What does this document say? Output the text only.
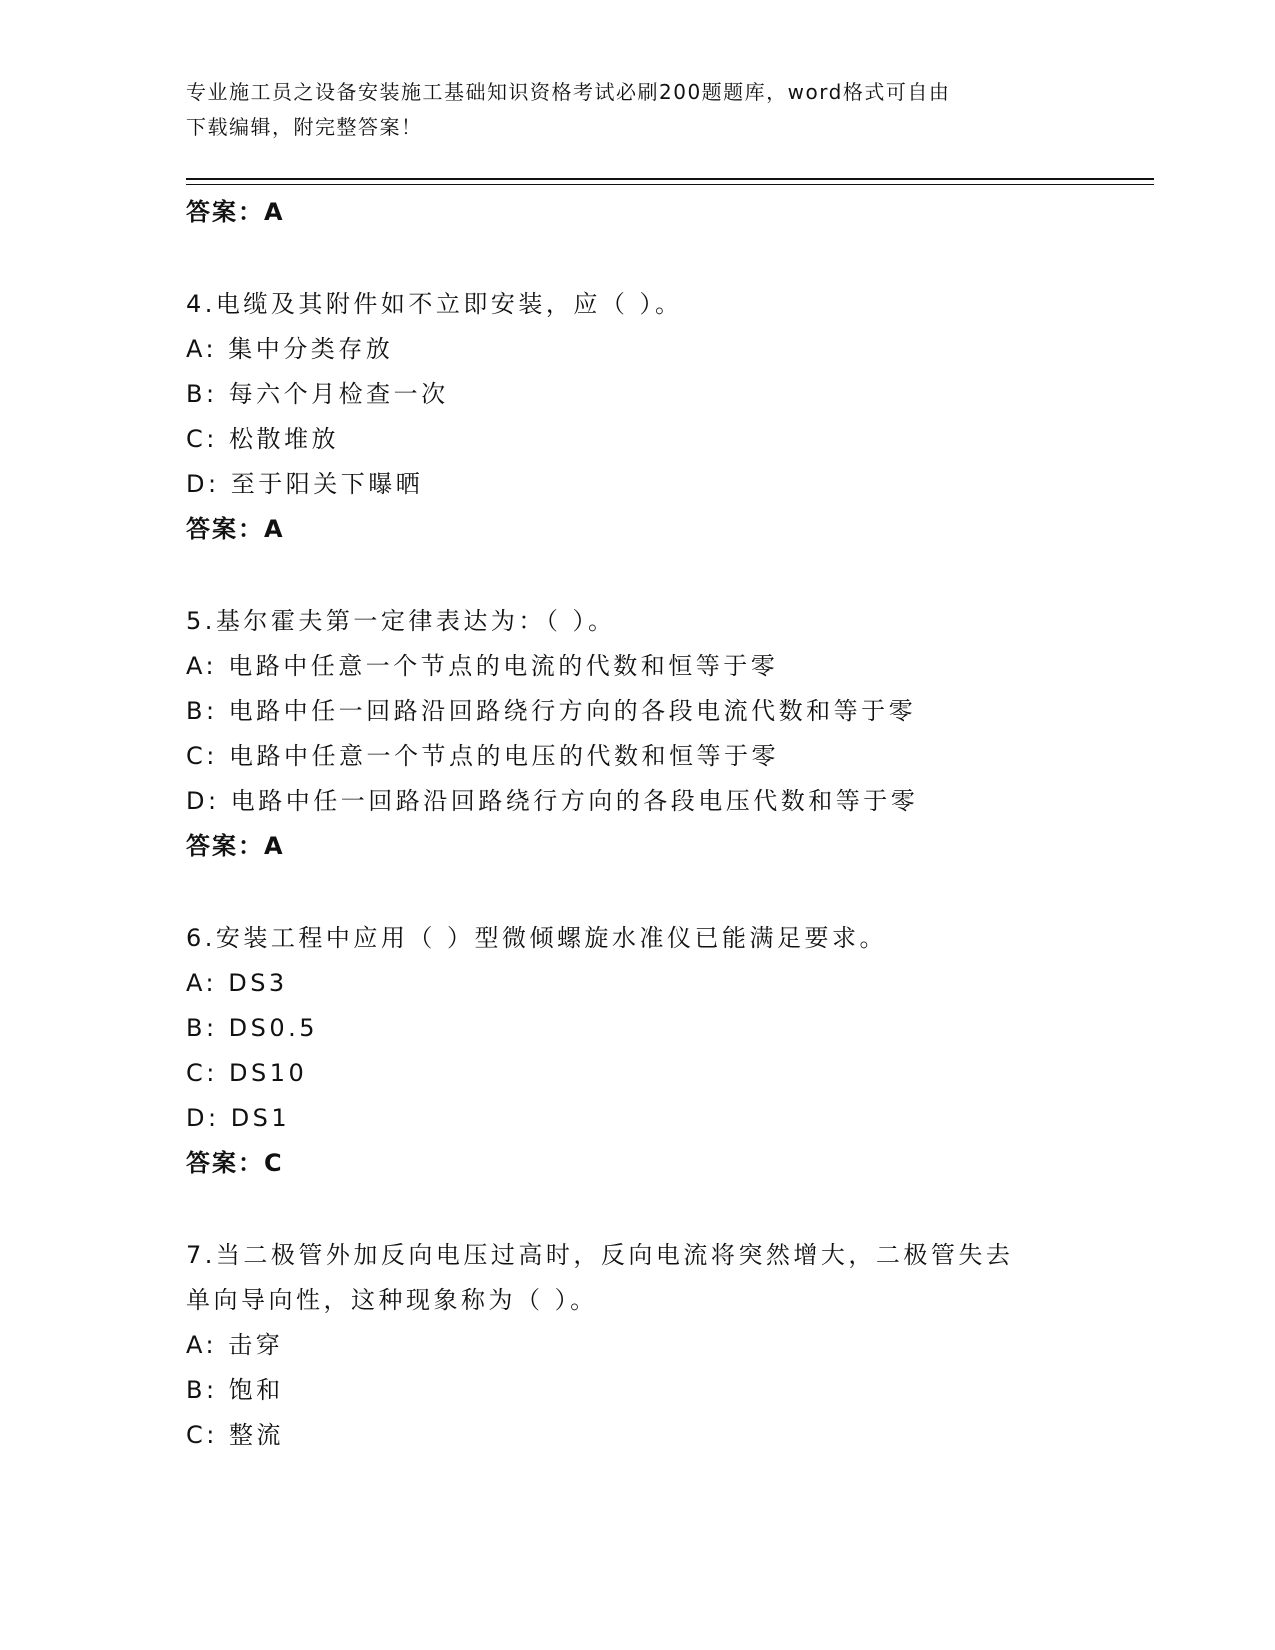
专业施工员之设备安装施工基础知识资格考试必刷200题题库，word格式可自由
下载编辑，附完整答案！
答案：A
4.电缆及其附件如不立即安装，应（ ）。
A: 集中分类存放
B: 每六个月检查一次
C: 松散堆放
D: 至于阳关下曝晒
答案：A
5.基尔霍夫第一定律表达为：（ ）。
A: 电路中任意一个节点的电流的代数和恒等于零
B: 电路中任一回路沿回路绕行方向的各段电流代数和等于零
C: 电路中任意一个节点的电压的代数和恒等于零
D: 电路中任一回路沿回路绕行方向的各段电压代数和等于零
答案：A
6.安装工程中应用（ ）型微倾螺旋水准仪已能满足要求。
A: DS3
B: DS0.5
C: DS10
D: DS1
答案：C
7.当二极管外加反向电压过高时，反向电流将突然增大，二极管失去
单向导向性，这种现象称为（ ）。
A: 击穿
B: 饱和
C: 整流
